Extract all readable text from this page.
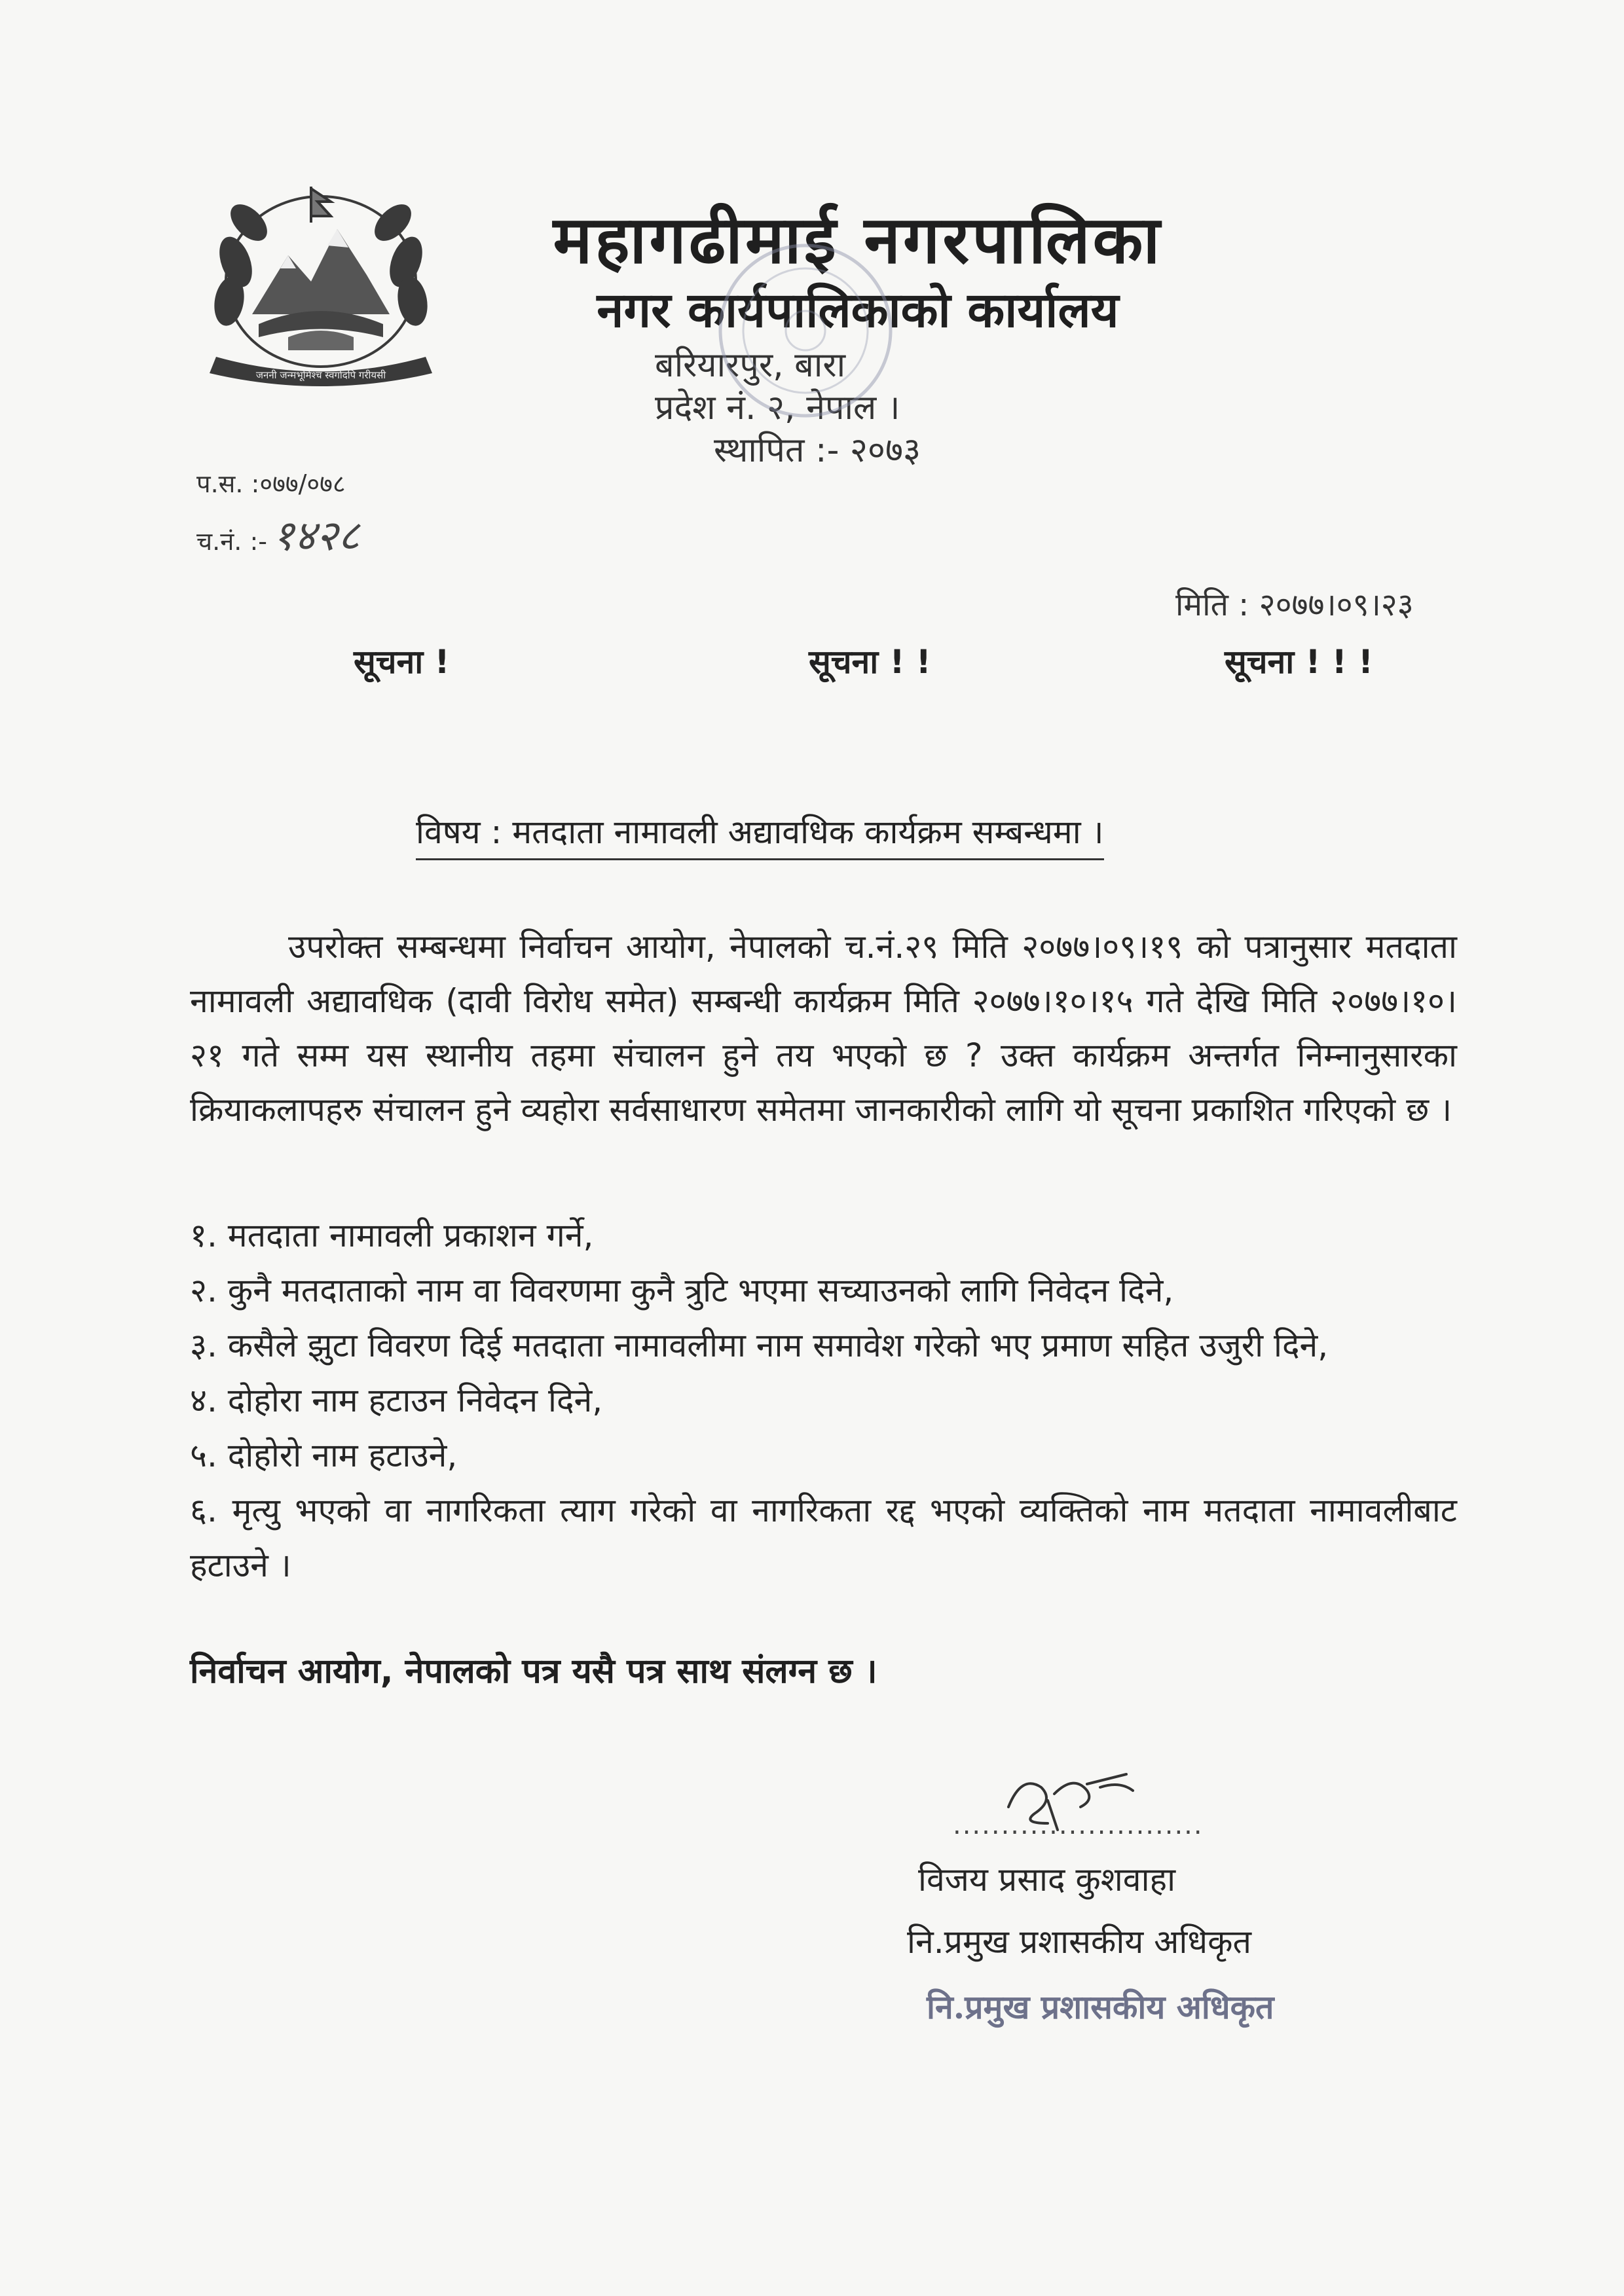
जननी जन्मभूमिश्च स्वर्गादपि गरीयसी
महागढीमाई नगरपालिका
नगर कार्यपालिकाको कार्यालय
बरियारपुर, बारा
प्रदेश नं. २, नेपाल ।
स्थापित :- २०७३
प.स. :०७७/०७८
च.नं. :- १४२८
मिति : २०७७।०९।२३
सूचना !	सूचना ! !	सूचना ! ! !
विषय : मतदाता नामावली अद्यावधिक कार्यक्रम सम्बन्धमा ।
उपरोक्त सम्बन्धमा निर्वाचन आयोग, नेपालको च.नं.२९ मिति २०७७।०९।१९ को पत्रानुसार मतदाता नामावली अद्यावधिक (दावी विरोध समेत) सम्बन्धी कार्यक्रम मिति २०७७।१०।१५ गते देखि मिति २०७७।१०।२१ गते सम्म यस स्थानीय तहमा संचालन हुने तय भएको छ ? उक्त कार्यक्रम अन्तर्गत निम्नानुसारका क्रियाकलापहरु संचालन हुने व्यहोरा सर्वसाधारण समेतमा जानकारीको लागि यो सूचना प्रकाशित गरिएको छ ।
१. मतदाता नामावली प्रकाशन गर्ने,
२. कुनै मतदाताको नाम वा विवरणमा कुनै त्रुटि भएमा सच्याउनको लागि निवेदन दिने,
३. कसैले झुटा विवरण दिई मतदाता नामावलीमा नाम समावेश गरेको भए प्रमाण सहित उजुरी दिने,
४. दोहोरा नाम हटाउन निवेदन दिने,
५. दोहोरो नाम हटाउने,
६. मृत्यु भएको वा नागरिकता त्याग गरेको वा नागरिकता रद्द भएको व्यक्तिको नाम मतदाता नामावलीबाट हटाउने ।
निर्वाचन आयोग, नेपालको पत्र यसै पत्र साथ संलग्न छ ।
..........................
विजय प्रसाद कुशवाहा
नि.प्रमुख प्रशासकीय अधिकृत
नि.प्रमुख प्रशासकीय अधिकृत
